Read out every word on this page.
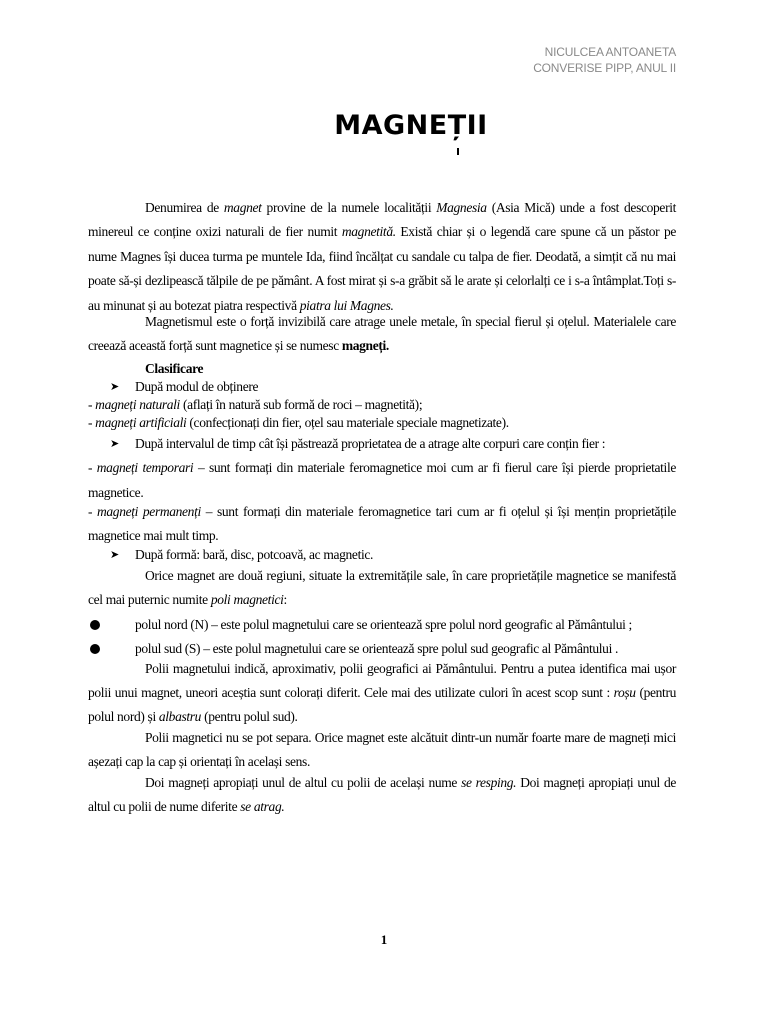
NICULCEA ANTOANETA
CONVERISE PIPP, ANUL II
MAGNEȚII

Denumirea de magnet provine de la numele localității Magnesia (Asia Mică) unde a fost descoperit minereul ce conține oxizi naturali de fier numit magnetită. Există chiar și o legendă care spune că un păstor pe nume Magnes își ducea turma pe muntele Ida, fiind încălțat cu sandale cu talpa de fier. Deodată, a simțit că nu mai poate să-și dezlipească tălpile de pe pământ. A fost mirat și s-a grăbit să le arate și celorlalți ce i s-a întâmplat.Toți s-au minunat și au botezat piatra respectivă piatra lui Magnes.

Magnetismul este o forță invizibilă care atrage unele metale, în special fierul și oțelul. Materialele care creează această forță sunt magnetice și se numesc magneți.

Clasificare

➤ După modul de obținere

- magneți naturali (aflați în natură sub formă de roci – magnetită);

- magneți artificiali (confecționați din fier, oțel sau materiale speciale magnetizate).

➤ După intervalul de timp cât își păstrează proprietatea de a atrage alte corpuri care conțin fier :

- magneți temporari – sunt formați din materiale feromagnetice moi cum ar fi fierul care își pierde proprietatile magnetice.

- magneți permanenți – sunt formați din materiale feromagnetice tari cum ar fi oțelul și își mențin proprietățile magnetice mai mult timp.

➤ După formă: bară, disc, potcoavă, ac magnetic.

Orice magnet are două regiuni, situate la extremitățile sale, în care proprietățile magnetice se manifestă cel mai puternic numite poli magnetici:

polul nord (N) – este polul magnetului care se orientează spre polul nord geografic al Pământului ;

polul sud (S) – este polul magnetului care se orientează spre polul sud geografic al Pământului .

Polii magnetului indică, aproximativ, polii geografici ai Pământului. Pentru a putea identifica mai ușor polii unui magnet, uneori aceștia sunt colorați diferit. Cele mai des utilizate culori în acest scop sunt : roșu (pentru polul nord) și albastru (pentru polul sud).

Polii magnetici nu se pot separa. Orice magnet este alcătuit dintr-un număr foarte mare de magneți mici așezați cap la cap și orientați în același sens.

Doi magneți apropiați unul de altul cu polii de același nume se resping. Doi magneți apropiați unul de altul cu polii de nume diferite se atrag.

1
